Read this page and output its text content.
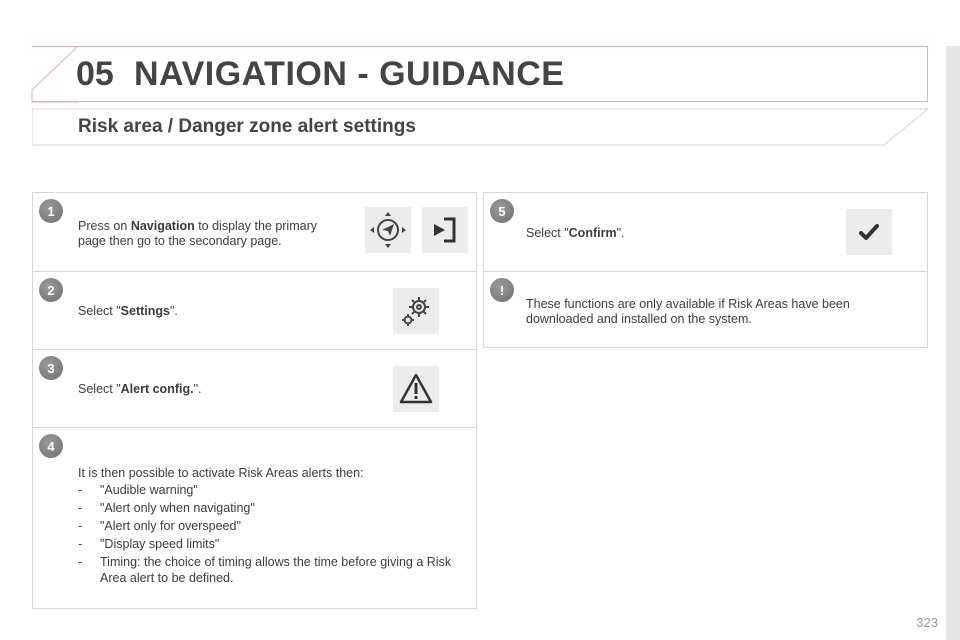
05 NAVIGATION - GUIDANCE
Risk area / Danger zone alert settings
1
Press on Navigation to display the primary page then go to the secondary page.
2
Select "Settings".
3
Select "Alert config.".
4
It is then possible to activate Risk Areas alerts then:
-	"Audible warning"
-	"Alert only when navigating"
-	"Alert only for overspeed"
-	"Display speed limits"
-	Timing: the choice of timing allows the time before giving a Risk Area alert to be defined.
5
Select "Confirm".
!
These functions are only available if Risk Areas have been downloaded and installed on the system.
323
